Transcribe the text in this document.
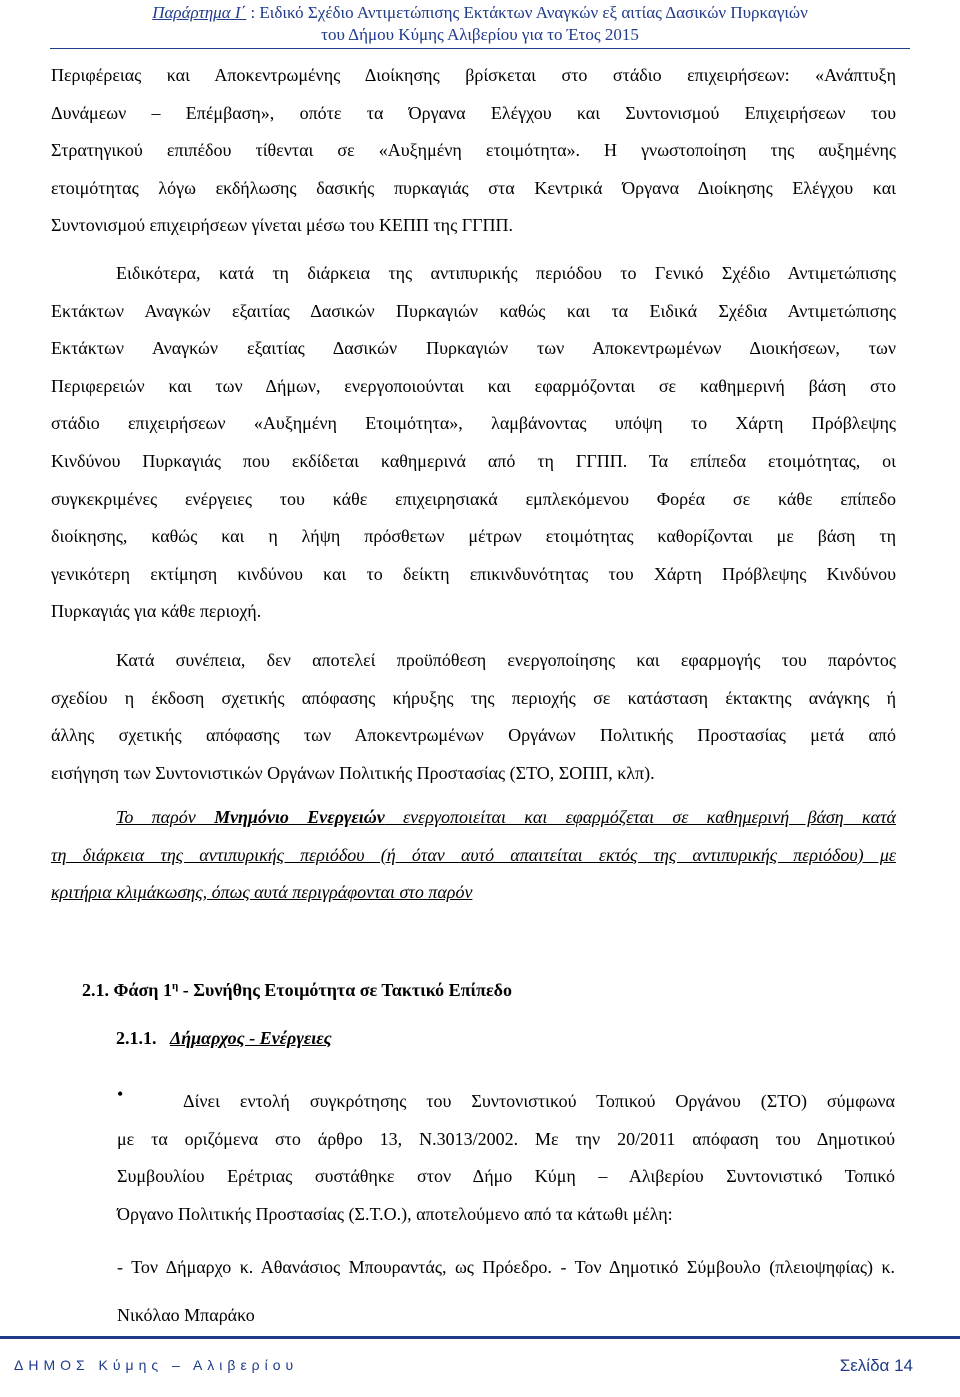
Παράρτημα Ι΄ : Ειδικό Σχέδιο Αντιμετώπισης Εκτάκτων Αναγκών εξ αιτίας Δασικών Πυρκαγιών
του Δήμου Κύμης Αλιβερίου για το Έτος 2015

Περιφέρειας και Αποκεντρωμένης Διοίκησης βρίσκεται στο στάδιο επιχειρήσεων: «Ανάπτυξη
Δυνάμεων – Επέμβαση», οπότε τα Όργανα Ελέγχου και Συντονισμού Επιχειρήσεων του
Στρατηγικού επιπέδου τίθενται σε «Αυξημένη ετοιμότητα». Η γνωστοποίηση της αυξημένης
ετοιμότητας λόγω εκδήλωσης δασικής πυρκαγιάς στα Κεντρικά Όργανα Διοίκησης Ελέγχου και
Συντονισμού επιχειρήσεων γίνεται μέσω του ΚΕΠΠ της ΓΓΠΠ.

Ειδικότερα, κατά τη διάρκεια της αντιπυρικής περιόδου το Γενικό Σχέδιο Αντιμετώπισης
Εκτάκτων Αναγκών εξαιτίας Δασικών Πυρκαγιών καθώς και τα Ειδικά Σχέδια Αντιμετώπισης
Εκτάκτων Αναγκών εξαιτίας Δασικών Πυρκαγιών των Αποκεντρωμένων Διοικήσεων, των
Περιφερειών και των Δήμων, ενεργοποιούνται και εφαρμόζονται σε καθημερινή βάση στο
στάδιο επιχειρήσεων «Αυξημένη Ετοιμότητα», λαμβάνοντας υπόψη το Χάρτη Πρόβλεψης
Κινδύνου Πυρκαγιάς που εκδίδεται καθημερινά από τη ΓΓΠΠ. Τα επίπεδα ετοιμότητας, οι
συγκεκριμένες ενέργειες του κάθε επιχειρησιακά εμπλεκόμενου Φορέα σε κάθε επίπεδο
διοίκησης, καθώς και η λήψη πρόσθετων μέτρων ετοιμότητας καθορίζονται με βάση τη
γενικότερη εκτίμηση κινδύνου και το δείκτη επικινδυνότητας του Χάρτη Πρόβλεψης Κινδύνου
Πυρκαγιάς για κάθε περιοχή.

Κατά συνέπεια, δεν αποτελεί προϋπόθεση ενεργοποίησης και εφαρμογής του παρόντος
σχεδίου η έκδοση σχετικής απόφασης κήρυξης της περιοχής σε κατάσταση έκτακτης ανάγκης ή
άλλης σχετικής απόφασης των Αποκεντρωμένων Οργάνων Πολιτικής Προστασίας μετά από
εισήγηση των Συντονιστικών Οργάνων Πολιτικής Προστασίας (ΣΤΟ, ΣΟΠΠ, κλπ).

Το παρόν Μνημόνιο Ενεργειών ενεργοποιείται και εφαρμόζεται σε καθημερινή βάση κατά
τη διάρκεια της αντιπυρικής περιόδου (ή όταν αυτό απαιτείται εκτός της αντιπυρικής περιόδου) με
κριτήρια κλιμάκωσης, όπως αυτά περιγράφονται στο παρόν

2.1. Φάση $1^\eta$ - Συνήθης Ετοιμότητα σε Τακτικό Επίπεδο
2.1.1. Δήμαρχος - Ενέργειες
•	Δίνει εντολή συγκρότησης του Συντονιστικού Τοπικού Οργάνου (ΣΤΟ) σύμφωνα
με τα οριζόμενα στο άρθρο 13, Ν.3013/2002. Με την 20/2011 απόφαση του Δημοτικού
Συμβουλίου Ερέτριας συστάθηκε στον Δήμο Κύμη – Αλιβερίου Συντονιστικό Τοπικό
Όργανο Πολιτικής Προστασίας (Σ.Τ.Ο.), αποτελούμενο από τα κάτωθι μέλη:

- Τον Δήμαρχο κ. Αθανάσιος Μπουραντάς, ως Πρόεδρο. - Τον Δημοτικό Σύμβουλο (πλειοψηφίας) κ. Νικόλαο Μπαράκο
ΔΗΜΟΣ Κύμης – Αλιβερίου	Σελίδα 14
